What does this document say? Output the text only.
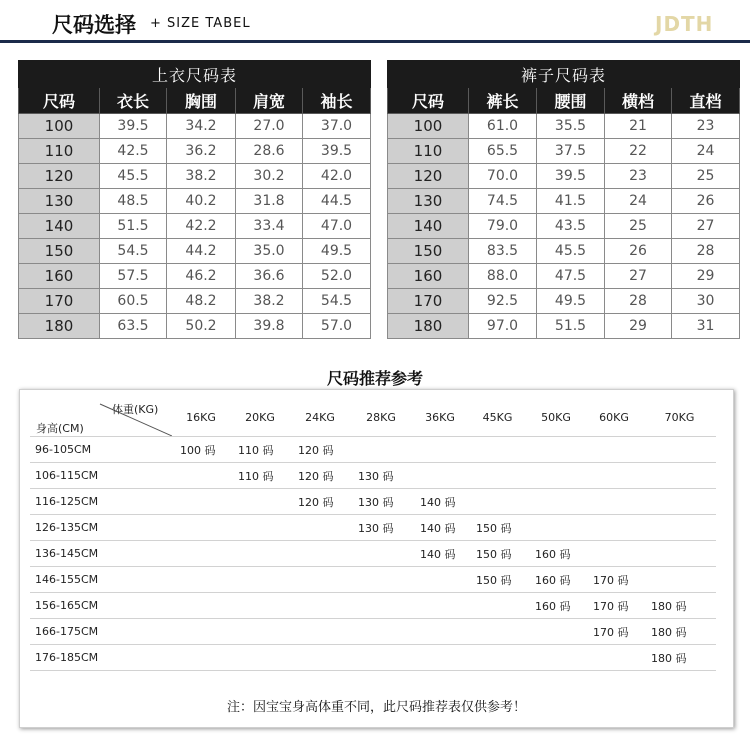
尺码选择 + SIZE TABEL	JDTH
上衣尺码表				
尺码	衣长	胸围	肩宽	袖长
100	39.5	34.2	27.0	37.0
110	42.5	36.2	28.6	39.5
120	45.5	38.2	30.2	42.0
130	48.5	40.2	31.8	44.5
140	51.5	42.2	33.4	47.0
150	54.5	44.2	35.0	49.5
160	57.5	46.2	36.6	52.0
170	60.5	48.2	38.2	54.5
180	63.5	50.2	39.8	57.0
裤子尺码表				
尺码	裤长	腰围	横档	直档
100	61.0	35.5	21	23
110	65.5	37.5	22	24
120	70.0	39.5	23	25
130	74.5	41.5	24	26
140	79.0	43.5	25	27
150	83.5	45.5	26	28
160	88.0	47.5	27	29
170	92.5	49.5	28	30
180	97.0	51.5	29	31
尺码推荐参考
体重(KG)
身高(CM)	16KG	20KG	24KG	28KG	36KG	45KG	50KG	60KG	70KG
96-105CM	100 码	110 码	120 码						
106-115CM		110 码	120 码	130 码					
116-125CM			120 码	130 码	140 码				
126-135CM				130 码	140 码	150 码			
136-145CM					140 码	150 码	160 码		
146-155CM						150 码	160 码	170 码	
156-165CM							160 码	170 码	180 码
166-175CM								170 码	180 码
176-185CM									180 码
注：因宝宝身高体重不同，此尺码推荐表仅供参考！
